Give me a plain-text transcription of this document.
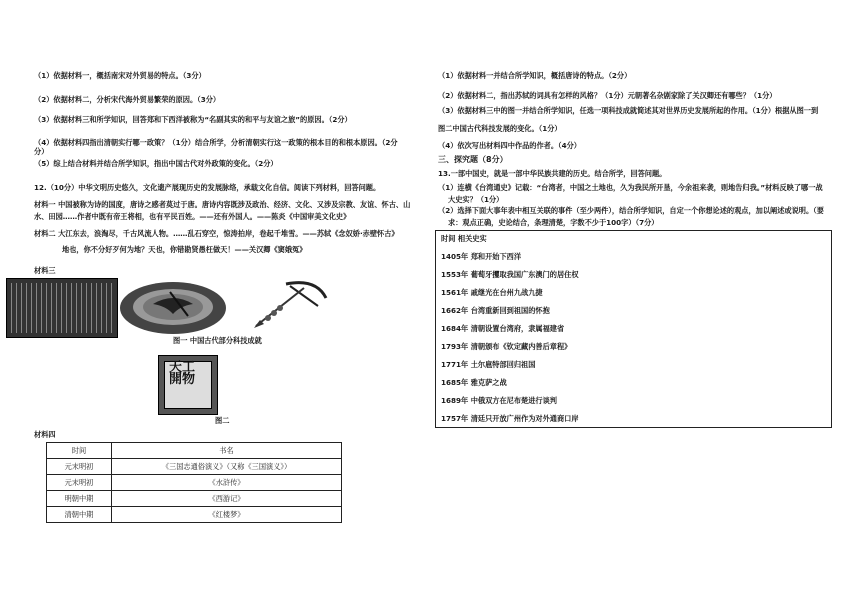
（1）依据材料一，概括南宋对外贸易的特点。（3分）
（2）依据材料二，分析宋代海外贸易繁荣的原因。（3分）
（3）依据材料三和所学知识，回答郑和下西洋被称为“名副其实的和平与友谊之旅”的原因。（2分）
（4）依据材料四指出清朝实行哪一政策？（1分）结合所学，分析清朝实行这一政策的根本目的和根本原因。（2分
分）
（5）综上结合材料并结合所学知识，指出中国古代对外政策的变化。（2分）
12.（10分）中华文明历史悠久，文化遗产展现历史的发展脉络，承载文化自信。阅读下列材料，回答问题。
材料一 中国被称为诗的国度，唐诗之感者莫过于唐。唐诗内容既涉及政治、经济、文化、又涉及宗教、友谊、怀古、山
水、田园……作者中既有帝王将相，也有平民百姓。——还有外国人。——陈炎《中国审美文化史》
材料二 大江东去，浪淘尽，千古风流人物。……乱石穿空，惊涛拍岸，卷起千堆雪。——苏轼《念奴娇·赤壁怀古》
地也，你不分好歹何为地？天也，你错勘贤愚枉做天！——关汉卿《窦娥冤》
材料三
图一 中国古代部分科技成就
天工開物
图二
材料四
时间	书名
元末明初	《三国志通俗演义》（又称《三国演义》）
元末明初	《水浒传》
明朝中期	《西游记》
清朝中期	《红楼梦》
（1）依据材料一并结合所学知识，概括唐诗的特点。（2分）
（2）依据材料二，指出苏轼的词具有怎样的风格？（1分）元朝著名杂剧家除了关汉卿还有哪些？（1分）
（3）依据材料三中的图一并结合所学知识，任选一项科技成就简述其对世界历史发展所起的作用。（1分）根据从图一到
图二中国古代科技发展的变化。（1分）
（4）依次写出材料四中作品的作者。（4分）
三、探究题（8分）
13.一部中国史，就是一部中华民族共建的历史。结合所学，回答问题。
（1）连横《台湾通史》记载：“台湾者，中国之土地也，久为我民所开垦，今余祖来袭，则地告归我。”材料反映了哪一战
大史实？（1分）
（2）选择下面大事年表中相互关联的事件（至少两件），结合所学知识，自定一个你想论述的观点，加以阐述或说明。（要
求：观点正确，史论结合，条理清楚，字数不少于100字）（7分）
时间 相关史实
1405年 郑和开始下西洋
1553年 葡萄牙攫取我国广东澳门的居住权
1561年 戚继光在台州九战九捷
1662年 台湾重新回到祖国的怀抱
1684年 清朝设置台湾府，隶属福建省
1793年 清朝颁布《钦定藏内善后章程》
1771年 土尔扈特部回归祖国
1685年 雅克萨之战
1689年 中俄双方在尼布楚进行谈判
1757年 清廷只开放广州作为对外通商口岸
